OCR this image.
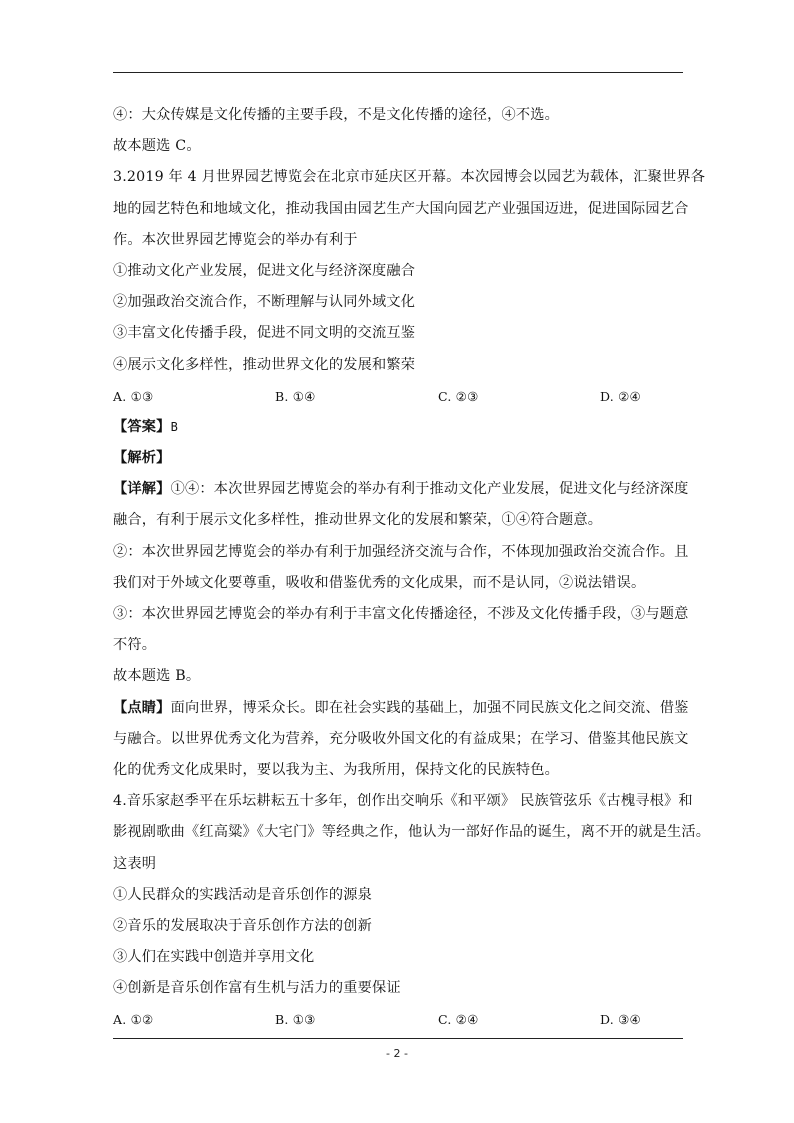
④：大众传媒是文化传播的主要手段，不是文化传播的途径，④不选。
故本题选 C。
3.2019 年 4 月世界园艺博览会在北京市延庆区开幕。本次园博会以园艺为载体，汇聚世界各
地的园艺特色和地域文化，推动我国由园艺生产大国向园艺产业强国迈进，促进国际园艺合
作。本次世界园艺博览会的举办有利于
①推动文化产业发展，促进文化与经济深度融合
②加强政治交流合作，不断理解与认同外域文化
③丰富文化传播手段，促进不同文明的交流互鉴
④展示文化多样性，推动世界文化的发展和繁荣
A. ①③	B. ①④	C. ②③	D. ②④
【答案】B
【解析】
【详解】①④：本次世界园艺博览会的举办有利于推动文化产业发展，促进文化与经济深度
融合，有利于展示文化多样性，推动世界文化的发展和繁荣，①④符合题意。
②：本次世界园艺博览会的举办有利于加强经济交流与合作，不体现加强政治交流合作。且
我们对于外域文化要尊重，吸收和借鉴优秀的文化成果，而不是认同，②说法错误。
③：本次世界园艺博览会的举办有利于丰富文化传播途径，不涉及文化传播手段，③与题意
不符。
故本题选 B。
【点睛】面向世界，博采众长。即在社会实践的基础上，加强不同民族文化之间交流、借鉴
与融合。以世界优秀文化为营养，充分吸收外国文化的有益成果；在学习、借鉴其他民族文
化的优秀文化成果时，要以我为主、为我所用，保持文化的民族特色。
4.音乐家赵季平在乐坛耕耘五十多年，创作出交响乐《和平颂》 民族管弦乐《古槐寻根》和
影视剧歌曲《红高粱》《大宅门》等经典之作，他认为一部好作品的诞生，离不开的就是生活。
这表明
①人民群众的实践活动是音乐创作的源泉
②音乐的发展取决于音乐创作方法的创新
③人们在实践中创造并享用文化
④创新是音乐创作富有生机与活力的重要保证
A. ①②	B. ①③	C. ②④	D. ③④
- 2 -
